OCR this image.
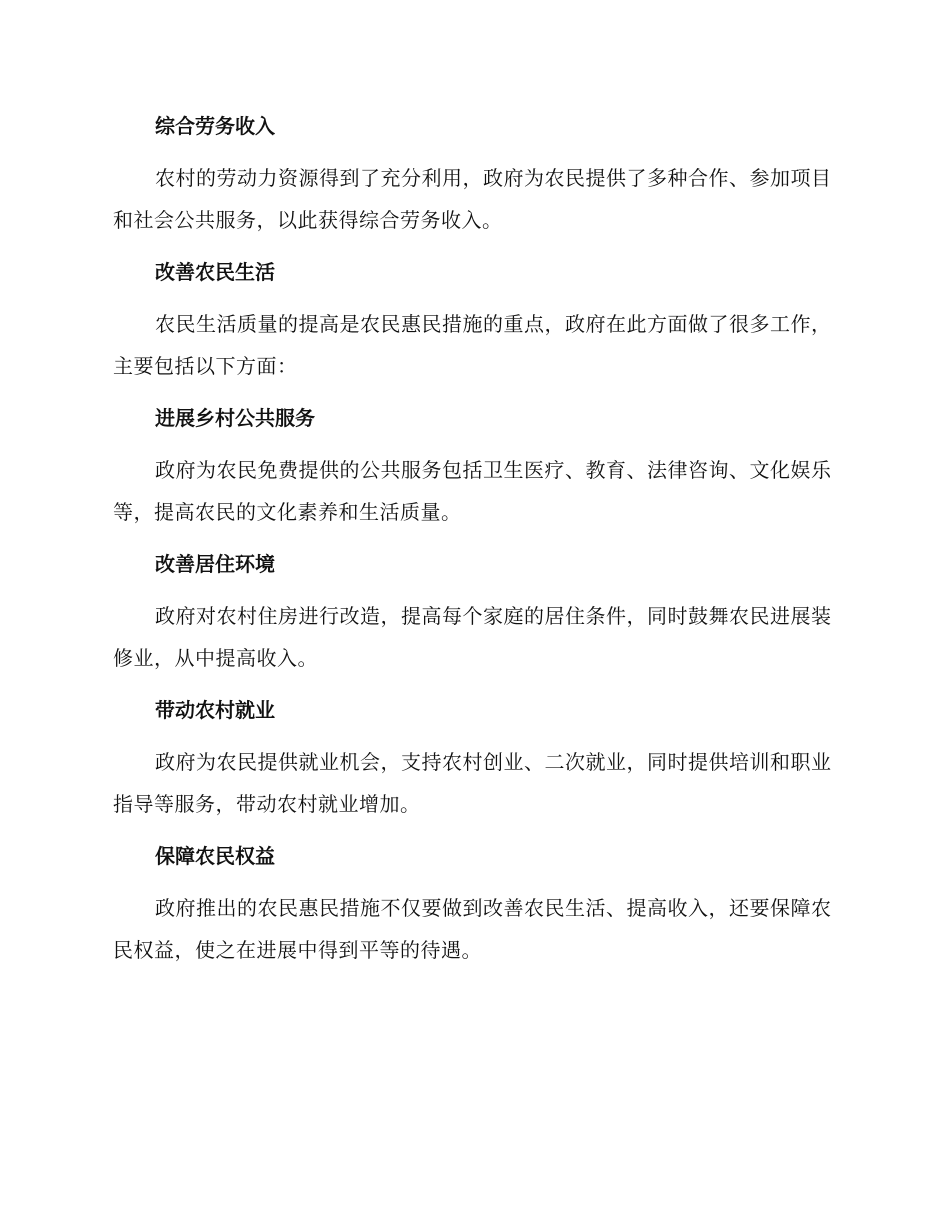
综合劳务收入

农村的劳动力资源得到了充分利用，政府为农民提供了多种合作、参加项目和社会公共服务，以此获得综合劳务收入。

改善农民生活

农民生活质量的提高是农民惠民措施的重点，政府在此方面做了很多工作，主要包括以下方面：

进展乡村公共服务

政府为农民免费提供的公共服务包括卫生医疗、教育、法律咨询、文化娱乐等，提高农民的文化素养和生活质量。

改善居住环境

政府对农村住房进行改造，提高每个家庭的居住条件，同时鼓舞农民进展装修业，从中提高收入。

带动农村就业

政府为农民提供就业机会，支持农村创业、二次就业，同时提供培训和职业指导等服务，带动农村就业增加。

保障农民权益

政府推出的农民惠民措施不仅要做到改善农民生活、提高收入，还要保障农民权益，使之在进展中得到平等的待遇。
